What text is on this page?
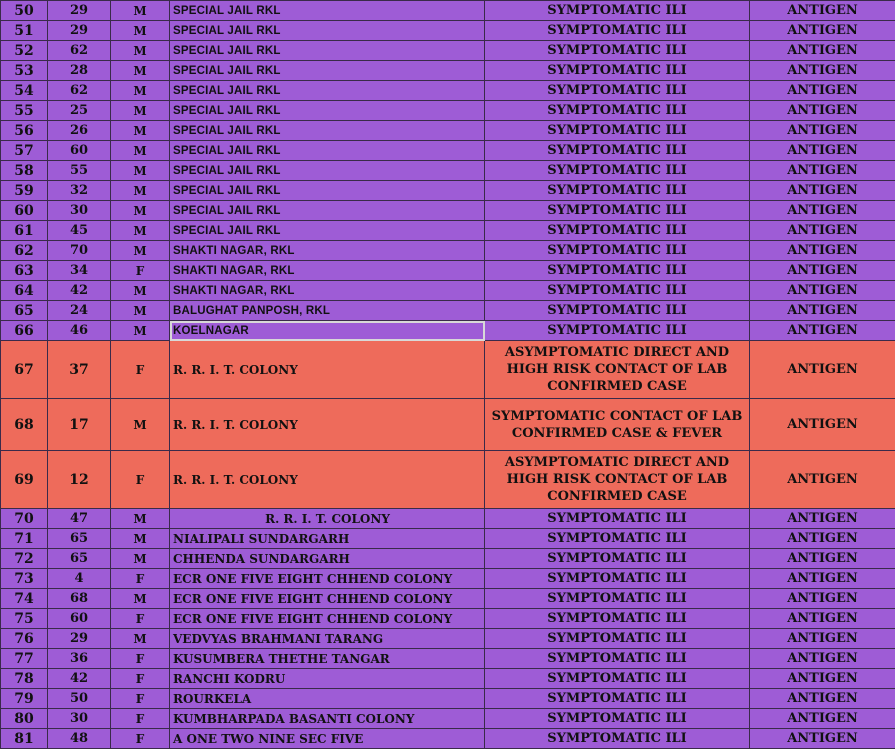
50	29	M	SPECIAL JAIL RKL	SYMPTOMATIC ILI	ANTIGEN
51	29	M	SPECIAL JAIL RKL	SYMPTOMATIC ILI	ANTIGEN
52	62	M	SPECIAL JAIL RKL	SYMPTOMATIC ILI	ANTIGEN
53	28	M	SPECIAL JAIL RKL	SYMPTOMATIC ILI	ANTIGEN
54	62	M	SPECIAL JAIL RKL	SYMPTOMATIC ILI	ANTIGEN
55	25	M	SPECIAL JAIL RKL	SYMPTOMATIC ILI	ANTIGEN
56	26	M	SPECIAL JAIL RKL	SYMPTOMATIC ILI	ANTIGEN
57	60	M	SPECIAL JAIL RKL	SYMPTOMATIC ILI	ANTIGEN
58	55	M	SPECIAL JAIL RKL	SYMPTOMATIC ILI	ANTIGEN
59	32	M	SPECIAL JAIL RKL	SYMPTOMATIC ILI	ANTIGEN
60	30	M	SPECIAL JAIL RKL	SYMPTOMATIC ILI	ANTIGEN
61	45	M	SPECIAL JAIL RKL	SYMPTOMATIC ILI	ANTIGEN
62	70	M	SHAKTI NAGAR, RKL	SYMPTOMATIC ILI	ANTIGEN
63	34	F	SHAKTI NAGAR, RKL	SYMPTOMATIC ILI	ANTIGEN
64	42	M	SHAKTI NAGAR, RKL	SYMPTOMATIC ILI	ANTIGEN
65	24	M	BALUGHAT PANPOSH, RKL	SYMPTOMATIC ILI	ANTIGEN
66	46	M	KOELNAGAR	SYMPTOMATIC ILI	ANTIGEN
67	37	F	R. R. I. T. COLONY	ASYMPTOMATIC DIRECT AND HIGH RISK CONTACT OF LAB CONFIRMED CASE	ANTIGEN
68	17	M	R. R. I. T. COLONY	SYMPTOMATIC CONTACT OF LAB CONFIRMED CASE & FEVER	ANTIGEN
69	12	F	R. R. I. T. COLONY	ASYMPTOMATIC DIRECT AND HIGH RISK CONTACT OF LAB CONFIRMED CASE	ANTIGEN
70	47	M	R. R. I. T. COLONY	SYMPTOMATIC ILI	ANTIGEN
71	65	M	NIALIPALI SUNDARGARH	SYMPTOMATIC ILI	ANTIGEN
72	65	M	CHHENDA SUNDARGARH	SYMPTOMATIC ILI	ANTIGEN
73	4	F	ECR ONE FIVE EIGHT CHHEND COLONY	SYMPTOMATIC ILI	ANTIGEN
74	68	M	ECR ONE FIVE EIGHT CHHEND COLONY	SYMPTOMATIC ILI	ANTIGEN
75	60	F	ECR ONE FIVE EIGHT CHHEND COLONY	SYMPTOMATIC ILI	ANTIGEN
76	29	M	VEDVYAS BRAHMANI TARANG	SYMPTOMATIC ILI	ANTIGEN
77	36	F	KUSUMBERA THETHE TANGAR	SYMPTOMATIC ILI	ANTIGEN
78	42	F	RANCHI KODRU	SYMPTOMATIC ILI	ANTIGEN
79	50	F	ROURKELA	SYMPTOMATIC ILI	ANTIGEN
80	30	F	KUMBHARPADA BASANTI COLONY	SYMPTOMATIC ILI	ANTIGEN
81	48	F	A ONE TWO NINE SEC FIVE	SYMPTOMATIC ILI	ANTIGEN
